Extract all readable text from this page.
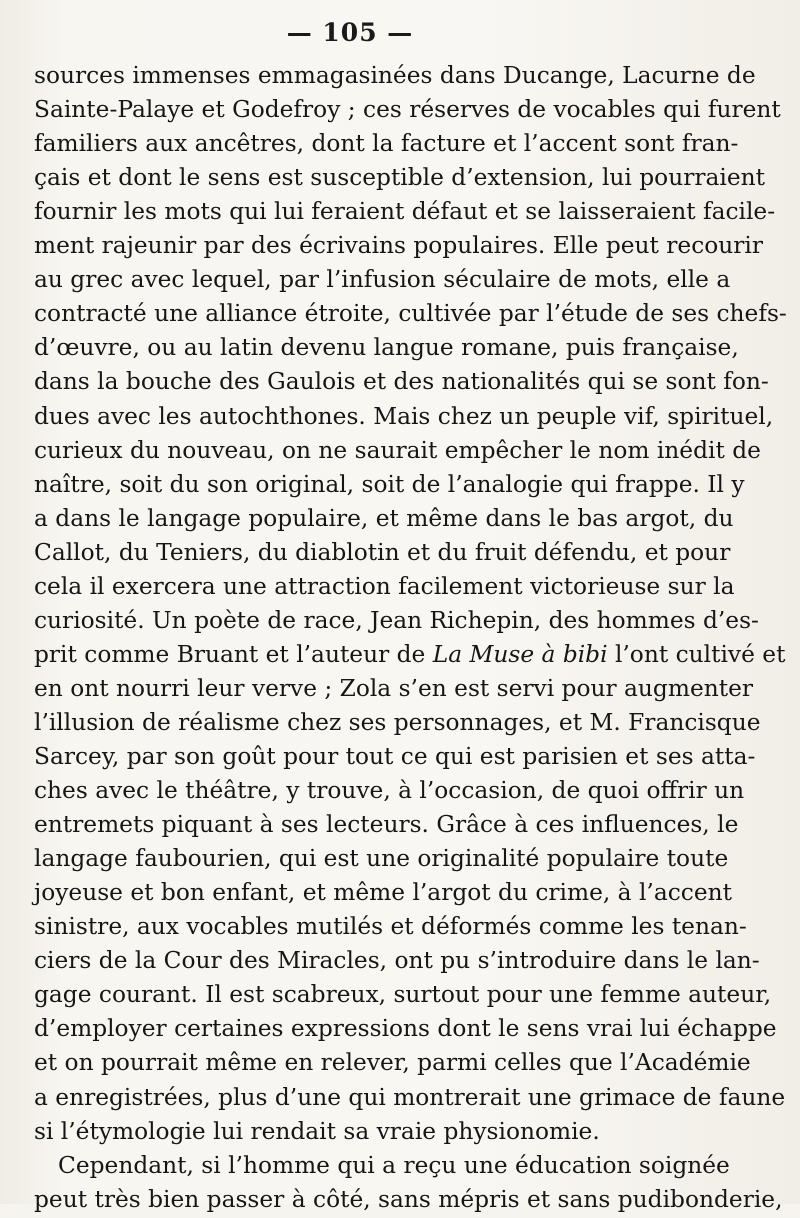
— 105 —
sources immenses emmagasinées dans Ducange, Lacurne de
Sainte-Palaye et Godefroy ; ces réserves de vocables qui furent
familiers aux ancêtres, dont la facture et l’accent sont fran-
çais et dont le sens est susceptible d’extension, lui pourraient
fournir les mots qui lui feraient défaut et se laisseraient facile-
ment rajeunir par des écrivains populaires. Elle peut recourir
au grec avec lequel, par l’infusion séculaire de mots, elle a
contracté une alliance étroite, cultivée par l’étude de ses chefs-
d’œuvre, ou au latin devenu langue romane, puis française,
dans la bouche des Gaulois et des nationalités qui se sont fon-
dues avec les autochthones. Mais chez un peuple vif, spirituel,
curieux du nouveau, on ne saurait empêcher le nom inédit de
naître, soit du son original, soit de l’analogie qui frappe. Il y
a dans le langage populaire, et même dans le bas argot, du
Callot, du Teniers, du diablotin et du fruit défendu, et pour
cela il exercera une attraction facilement victorieuse sur la
curiosité. Un poète de race, Jean Richepin, des hommes d’es-
prit comme Bruant et l’auteur de La Muse à bibi l’ont cultivé et
en ont nourri leur verve ; Zola s’en est servi pour augmenter
l’illusion de réalisme chez ses personnages, et M. Francisque
Sarcey, par son goût pour tout ce qui est parisien et ses atta-
ches avec le théâtre, y trouve, à l’occasion, de quoi offrir un
entremets piquant à ses lecteurs. Grâce à ces influences, le
langage faubourien, qui est une originalité populaire toute
joyeuse et bon enfant, et même l’argot du crime, à l’accent
sinistre, aux vocables mutilés et déformés comme les tenan-
ciers de la Cour des Miracles, ont pu s’introduire dans le lan-
gage courant. Il est scabreux, surtout pour une femme auteur,
d’employer certaines expressions dont le sens vrai lui échappe
et on pourrait même en relever, parmi celles que l’Académie
a enregistrées, plus d’une qui montrerait une grimace de faune
si l’étymologie lui rendait sa vraie physionomie.
Cependant, si l’homme qui a reçu une éducation soignée
peut très bien passer à côté, sans mépris et sans pudibonderie,
